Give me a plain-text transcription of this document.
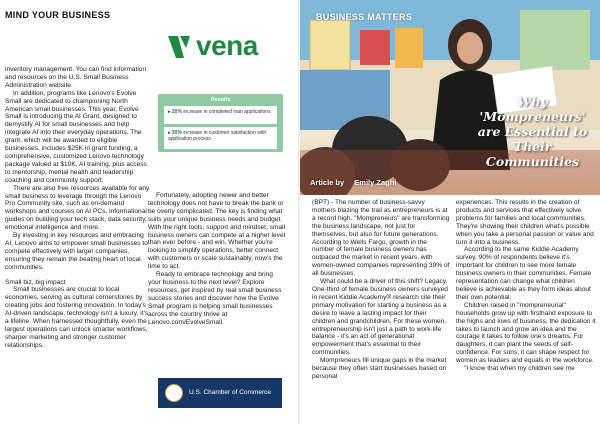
MIND YOUR BUSINESS

inventory management. You can find information and resources on the U.S. Small Business Administration website.

In addition, programs like Lenovo's Evolve Small are dedicated to championing North American small businesses. This year, Evolve Small is introducing the AI Grant, designed to demystify AI for small businesses and help integrate AI into their everyday operations. The grant, which will be awarded to eligible businesses, includes $25K in grant funding, a comprehensive, customized Lenovo technology package valued at $10K, AI training, plus access to mentorship, mental health and leadership coaching and community support.

There are also free resources available for any small business to leverage through the Lenovo Pro Community site, such as on-demand workshops and courses on AI PCs, informational guides on building your tech stack, data security, emotional intelligence and more.

By investing in key resources and embracing AI, Lenovo aims to empower small businesses to compete effectively with larger companies, ensuring they remain the beating heart of local communities.

Small biz, big impact

Small businesses are crucial to local economies, serving as cultural cornerstones by creating jobs and fostering innovation. In today's AI-driven landscape, technology isn't a luxury, it's a lifeline. When harnessed thoughtfully, even the largest operations can unlock smarter workflows, sharper marketing and stronger customer relationships.

vena
Results
▸ 20% increase in completed loan applications
▸ 30% increase in customer satisfaction with application process

Fortunately, adopting newer and better technology does not have to break the bank or be overly complicated. The key is finding what suits your unique business needs and budget. With the right tools, support and mindset, small business owners can compete at a higher level than ever before - and win. Whether you're looking to simplify operations, better connect with customers or scale sustainably, now's the time to act.

Ready to embrace technology and bring your business to the next level? Explore resources, get inspired by real small business success stories and discover how the Evolve Small program is helping small businesses across the country thrive at Lenovo.com/EvolveSmall.

U.S. Chamber of Commerce
BUSINESS MATTERS
Why 'Mompreneurs' are Essential to Their Communities
Article by Emily Zaghi

(BPT) - The number of business-savvy mothers blazing the trail as entrepreneurs is at a record high. "Mompreneurs" are transforming the business landscape, not just for themselves, but also for future generations. According to Wells Fargo, growth in the number of female business owners has outpaced the market in recent years, with women-owned companies representing 39% of all businesses.

What could be a driver of this shift? Legacy. One-third of female business owners surveyed in recent Kiddie Academy® research cite their primary motivation for starting a business as a desire to leave a lasting impact for their children and grandchildren. For these women, entrepreneurship isn't just a path to work-life balance - it's an act of generational empowerment that's essential to their communities.

Mompreneurs fill unique gaps in the market because they often start businesses based on personal

experiences. This results in the creation of products and services that effectively solve problems for families and local communities. They're showing their children what's possible when you take a personal passion or value and turn it into a business.

According to the same Kiddie Academy survey, 90% of respondents believe it's important for children to see more female business owners in their communities. Female representation can change what children believe is achievable as they form ideas about their own potential.

Children raised in "mompreneurial" households grow up with firsthand exposure to the highs and lows of business, the dedication it takes to launch and grow an idea and the courage it takes to follow one's dreams. For daughters, it can plant the seeds of self-confidence. For sons, it can shape respect for women as leaders and equals in the workforce.

"I know that when my children see me
